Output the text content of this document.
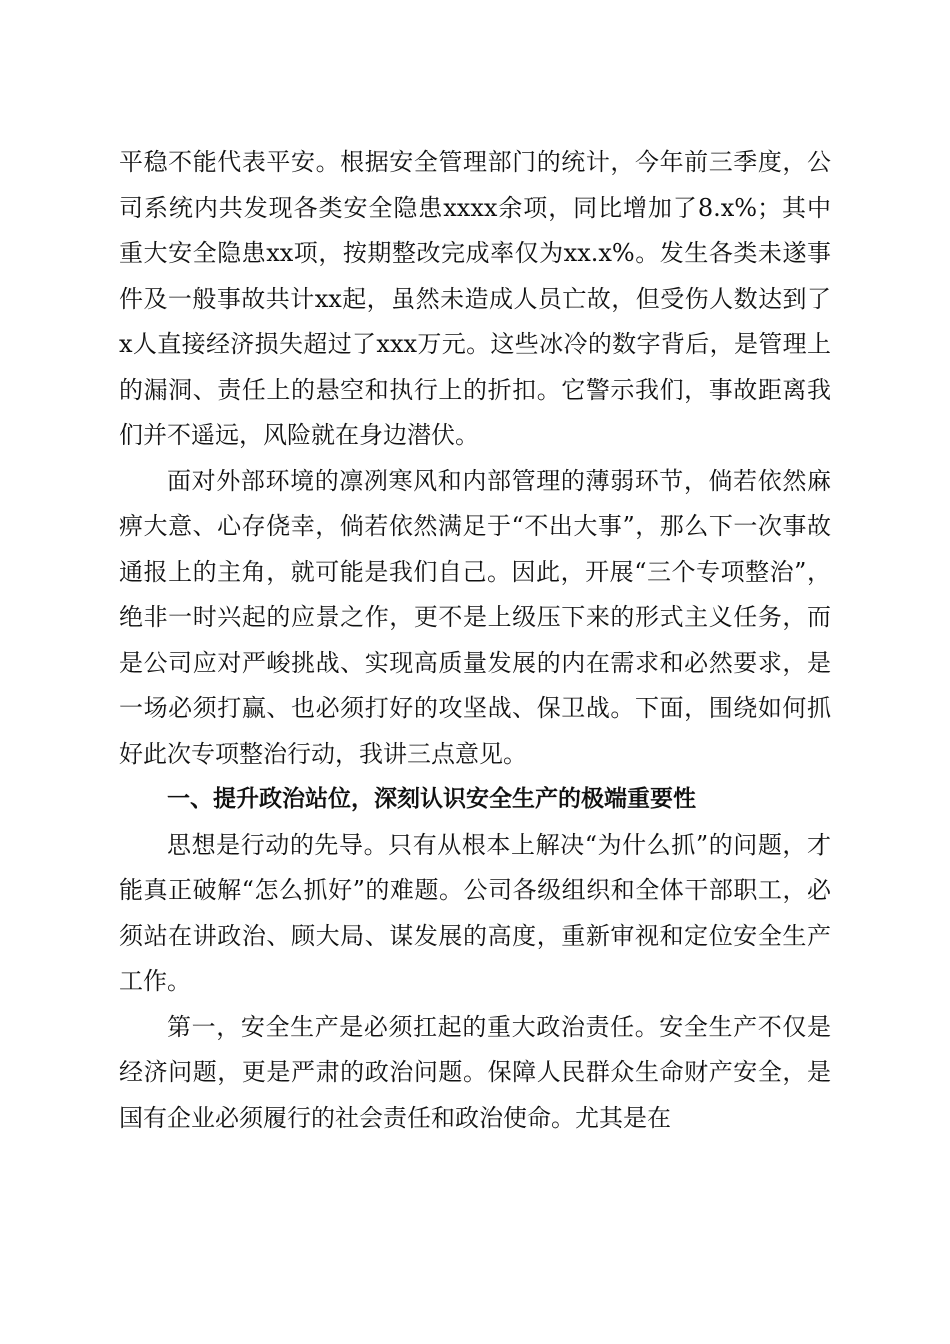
平稳不能代表平安。根据安全管理部门的统计，今年前三季度，公司系统内共发现各类安全隐患xxxx余项，同比增加了8.x%；其中重大安全隐患xx项，按期整改完成率仅为xx.x%。发生各类未遂事件及一般事故共计xx起，虽然未造成人员亡故，但受伤人数达到了x人直接经济损失超过了xxx万元。这些冰冷的数字背后，是管理上的漏洞、责任上的悬空和执行上的折扣。它警示我们，事故距离我们并不遥远，风险就在身边潜伏。

面对外部环境的凛冽寒风和内部管理的薄弱环节，倘若依然麻痹大意、心存侥幸，倘若依然满足于“不出大事”，那么下一次事故通报上的主角，就可能是我们自己。因此，开展“三个专项整治”，绝非一时兴起的应景之作，更不是上级压下来的形式主义任务，而是公司应对严峻挑战、实现高质量发展的内在需求和必然要求，是一场必须打赢、也必须打好的攻坚战、保卫战。下面，围绕如何抓好此次专项整治行动，我讲三点意见。

一、提升政治站位，深刻认识安全生产的极端重要性

思想是行动的先导。只有从根本上解决“为什么抓”的问题，才能真正破解“怎么抓好”的难题。公司各级组织和全体干部职工，必须站在讲政治、顾大局、谋发展的高度，重新审视和定位安全生产工作。

第一，安全生产是必须扛起的重大政治责任。安全生产不仅是经济问题，更是严肃的政治问题。保障人民群众生命财产安全，是国有企业必须履行的社会责任和政治使命。尤其是在
